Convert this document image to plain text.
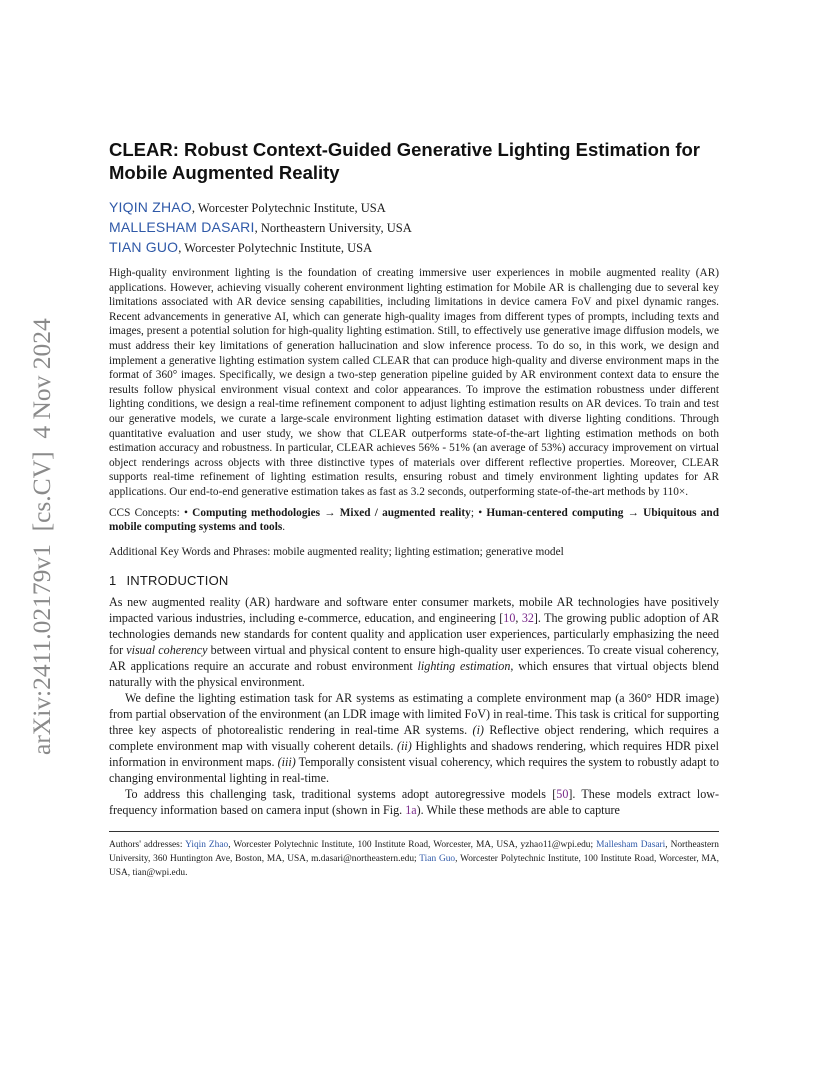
arXiv:2411.02179v1  [cs.CV]  4 Nov 2024
CLEAR: Robust Context-Guided Generative Lighting Estimation for Mobile Augmented Reality
YIQIN ZHAO, Worcester Polytechnic Institute, USA
MALLESHAM DASARI, Northeastern University, USA
TIAN GUO, Worcester Polytechnic Institute, USA

High-quality environment lighting is the foundation of creating immersive user experiences in mobile augmented reality (AR) applications. However, achieving visually coherent environment lighting estimation for Mobile AR is challenging due to several key limitations associated with AR device sensing capabilities, including limitations in device camera FoV and pixel dynamic ranges. Recent advancements in generative AI, which can generate high-quality images from different types of prompts, including texts and images, present a potential solution for high-quality lighting estimation. Still, to effectively use generative image diffusion models, we must address their key limitations of generation hallucination and slow inference process. To do so, in this work, we design and implement a generative lighting estimation system called CLEAR that can produce high-quality and diverse environment maps in the format of 360° images. Specifically, we design a two-step generation pipeline guided by AR environment context data to ensure the results follow physical environment visual context and color appearances. To improve the estimation robustness under different lighting conditions, we design a real-time refinement component to adjust lighting estimation results on AR devices. To train and test our generative models, we curate a large-scale environment lighting estimation dataset with diverse lighting conditions. Through quantitative evaluation and user study, we show that CLEAR outperforms state-of-the-art lighting estimation methods on both estimation accuracy and robustness. In particular, CLEAR achieves 56% - 51% (an average of 53%) accuracy improvement on virtual object renderings across objects with three distinctive types of materials over different reflective properties. Moreover, CLEAR supports real-time refinement of lighting estimation results, ensuring robust and timely environment lighting updates for AR applications. Our end-to-end generative estimation takes as fast as 3.2 seconds, outperforming state-of-the-art methods by 110×.

CCS Concepts: • Computing methodologies → Mixed / augmented reality; • Human-centered computing → Ubiquitous and mobile computing systems and tools.

Additional Key Words and Phrases: mobile augmented reality; lighting estimation; generative model

1 INTRODUCTION

As new augmented reality (AR) hardware and software enter consumer markets, mobile AR technologies have positively impacted various industries, including e-commerce, education, and engineering [10, 32]. The growing public adoption of AR technologies demands new standards for content quality and application user experiences, particularly emphasizing the need for visual coherency between virtual and physical content to ensure high-quality user experiences. To create visual coherency, AR applications require an accurate and robust environment lighting estimation, which ensures that virtual objects blend naturally with the physical environment.

We define the lighting estimation task for AR systems as estimating a complete environment map (a 360° HDR image) from partial observation of the environment (an LDR image with limited FoV) in real-time. This task is critical for supporting three key aspects of photorealistic rendering in real-time AR systems. (i) Reflective object rendering, which requires a complete environment map with visually coherent details. (ii) Highlights and shadows rendering, which requires HDR pixel information in environment maps. (iii) Temporally consistent visual coherency, which requires the system to robustly adapt to changing environmental lighting in real-time.

To address this challenging task, traditional systems adopt autoregressive models [50]. These models extract low-frequency information based on camera input (shown in Fig. 1a). While these methods are able to capture

Authors' addresses: Yiqin Zhao, Worcester Polytechnic Institute, 100 Institute Road, Worcester, MA, USA, yzhao11@wpi.edu; Mallesham Dasari, Northeastern University, 360 Huntington Ave, Boston, MA, USA, m.dasari@northeastern.edu; Tian Guo, Worcester Polytechnic Institute, 100 Institute Road, Worcester, MA, USA, tian@wpi.edu.
